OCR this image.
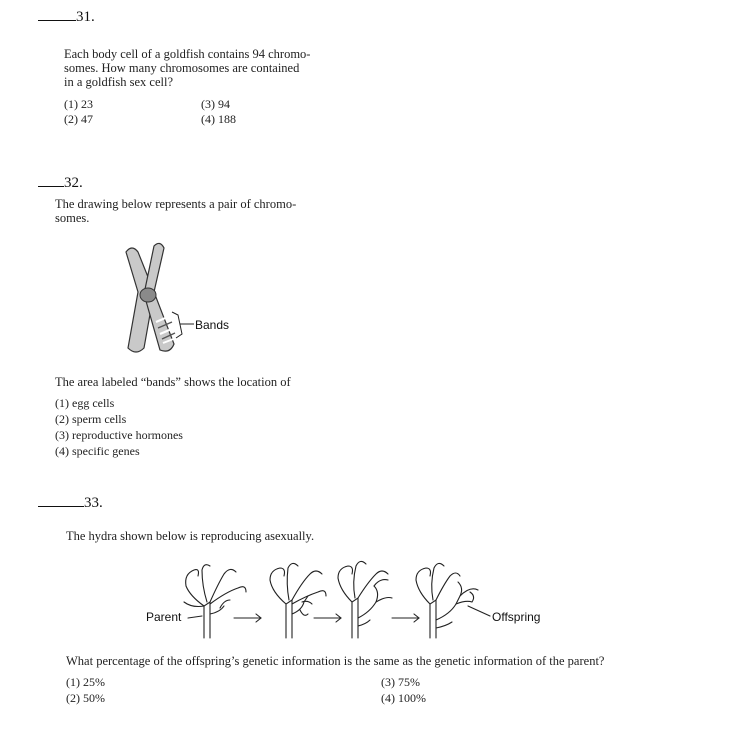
31.
Each body cell of a goldfish contains 94 chromo-
somes. How many chromosomes are contained
in a goldfish sex cell?
(1) 23
(2) 47
(3) 94
(4) 188
32.
The drawing below represents a pair of chromo-
somes.
Bands
The area labeled “bands” shows the location of
(1) egg cells
(2) sperm cells
(3) reproductive hormones
(4) specific genes
33.
The hydra shown below is reproducing asexually.
Parent	Offspring
What percentage of the offspring’s genetic information is the same as the genetic information of the parent?
(1) 25%
(2) 50%
(3) 75%
(4) 100%
